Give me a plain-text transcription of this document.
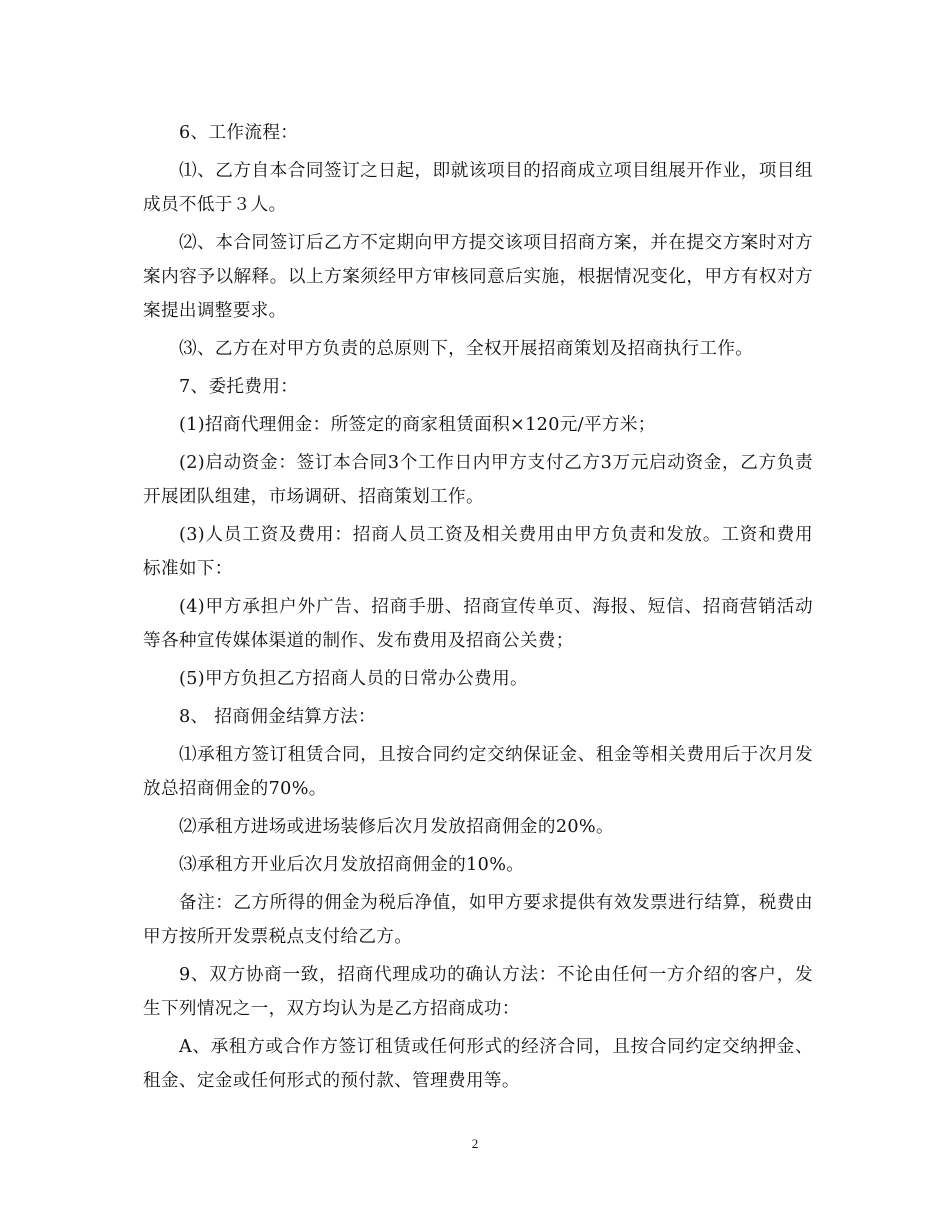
6、工作流程：

⑴、乙方自本合同签订之日起，即就该项目的招商成立项目组展开作业，项目组成员不低于３人。

⑵、本合同签订后乙方不定期向甲方提交该项目招商方案，并在提交方案时对方案内容予以解释。以上方案须经甲方审核同意后实施，根据情况变化，甲方有权对方案提出调整要求。

⑶、乙方在对甲方负责的总原则下，全权开展招商策划及招商执行工作。

7、委托费用：

(1)招商代理佣金：所签定的商家租赁面积×120元/平方米；

(2)启动资金：签订本合同3个工作日内甲方支付乙方3万元启动资金，乙方负责开展团队组建，市场调研、招商策划工作。

(3)人员工资及费用：招商人员工资及相关费用由甲方负责和发放。工资和费用标准如下：

(4)甲方承担户外广告、招商手册、招商宣传单页、海报、短信、招商营销活动等各种宣传媒体渠道的制作、发布费用及招商公关费；

(5)甲方负担乙方招商人员的日常办公费用。

8、 招商佣金结算方法：

⑴承租方签订租赁合同，且按合同约定交纳保证金、租金等相关费用后于次月发放总招商佣金的70%。

⑵承租方进场或进场装修后次月发放招商佣金的20%。

⑶承租方开业后次月发放招商佣金的10%。

备注：乙方所得的佣金为税后净值，如甲方要求提供有效发票进行结算，税费由甲方按所开发票税点支付给乙方。

9、双方协商一致，招商代理成功的确认方法：不论由任何一方介绍的客户，发生下列情况之一，双方均认为是乙方招商成功：

A、承租方或合作方签订租赁或任何形式的经济合同，且按合同约定交纳押金、租金、定金或任何形式的预付款、管理费用等。

2
